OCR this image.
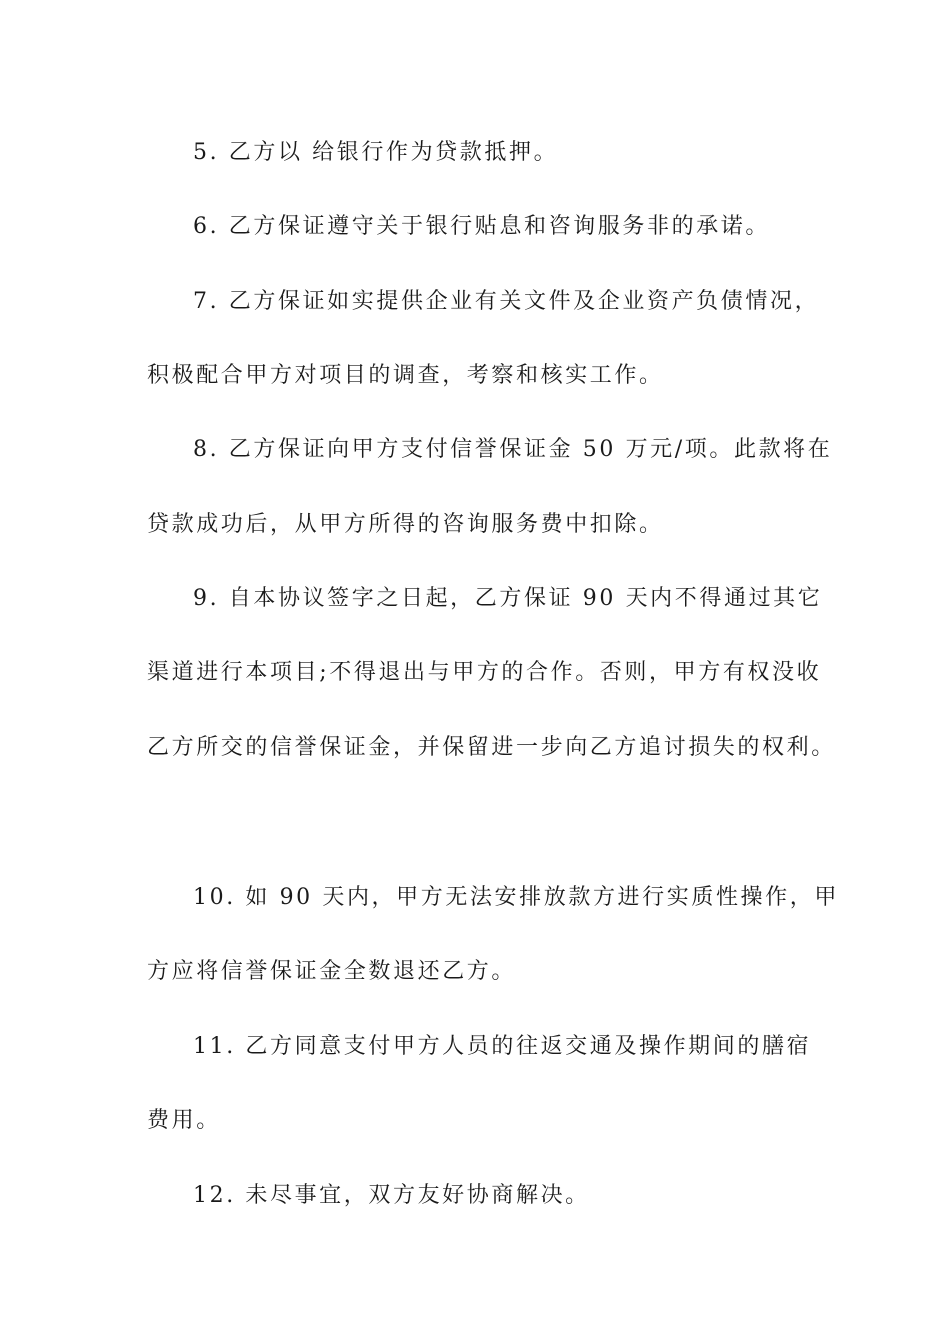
5. 乙方以 给银行作为贷款抵押。
6. 乙方保证遵守关于银行贴息和咨询服务非的承诺。
7. 乙方保证如实提供企业有关文件及企业资产负债情况，
积极配合甲方对项目的调查，考察和核实工作。
8. 乙方保证向甲方支付信誉保证金 50 万元/项。此款将在
贷款成功后，从甲方所得的咨询服务费中扣除。
9. 自本协议签字之日起，乙方保证 90 天内不得通过其它
渠道进行本项目;不得退出与甲方的合作。否则，甲方有权没收
乙方所交的信誉保证金，并保留进一步向乙方追讨损失的权利。
10. 如 90 天内，甲方无法安排放款方进行实质性操作，甲
方应将信誉保证金全数退还乙方。
11. 乙方同意支付甲方人员的往返交通及操作期间的膳宿
费用。
12. 未尽事宜，双方友好协商解决。
